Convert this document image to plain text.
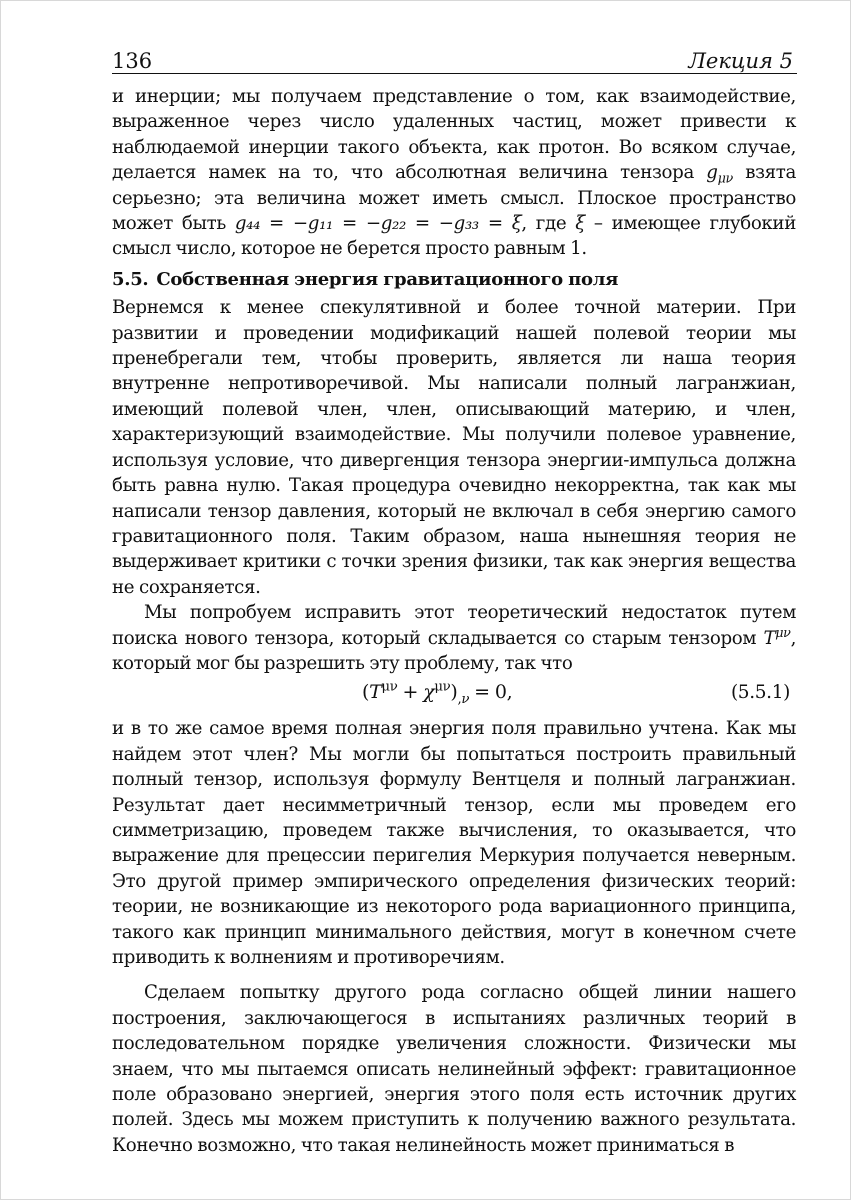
136	Лекция 5

и инерции; мы получаем представление о том, как взаимодействие, выраженное через число удаленных частиц, может привести к наблюдаемой инерции такого объекта, как протон. Во всяком случае, делается намек на то, что абсолютная величина тензора $g_{\mu\nu}$ взята серьезно; эта величина может иметь смысл. Плоское пространство может быть g₄₄ = −g₁₁ = −g₂₂ = −g₃₃ = ξ, где ξ – имеющее глубокий смысл число, которое не берется просто равным 1.

5.5. Собственная энергия гравитационного поля

Вернемся к менее спекулятивной и более точной материи. При развитии и проведении модификаций нашей полевой теории мы пренебрегали тем, чтобы проверить, является ли наша теория внутренне непротиворечивой. Мы написали полный лагранжиан, имеющий полевой член, член, описывающий материю, и член, характеризующий взаимодействие. Мы получили полевое уравнение, используя условие, что дивергенция тензора энергии-импульса должна быть равна нулю. Такая процедура очевидно некорректна, так как мы написали тензор давления, который не включал в себя энергию самого гравитационного поля. Таким образом, наша нынешняя теория не выдерживает критики с точки зрения физики, так как энергия вещества не сохраняется.

Мы попробуем исправить этот теоретический недостаток путем поиска нового тензора, который складывается со старым тензором $T^{\mu\nu}$, который мог бы разрешить эту проблему, так что

$(T^{\mu\nu} + \chi^{\mu\nu})_{,\nu} = 0$,	(5.5.1)

и в то же самое время полная энергия поля правильно учтена. Как мы найдем этот член? Мы могли бы попытаться построить правильный полный тензор, используя формулу Вентцеля и полный лагранжиан. Результат дает несимметричный тензор, если мы проведем его симметризацию, проведем также вычисления, то оказывается, что выражение для прецессии перигелия Меркурия получается неверным. Это другой пример эмпирического определения физических теорий: теории, не возникающие из некоторого рода вариационного принципа, такого как принцип минимального действия, могут в конечном счете приводить к волнениям и противоречиям.

Сделаем попытку другого рода согласно общей линии нашего построения, заключающегося в испытаниях различных теорий в последовательном порядке увеличения сложности. Физически мы знаем, что мы пытаемся описать нелинейный эффект: гравитационное поле образовано энергией, энергия этого поля есть источник других полей. Здесь мы можем приступить к получению важного результата. Конечно возможно, что такая нелинейность может приниматься в
